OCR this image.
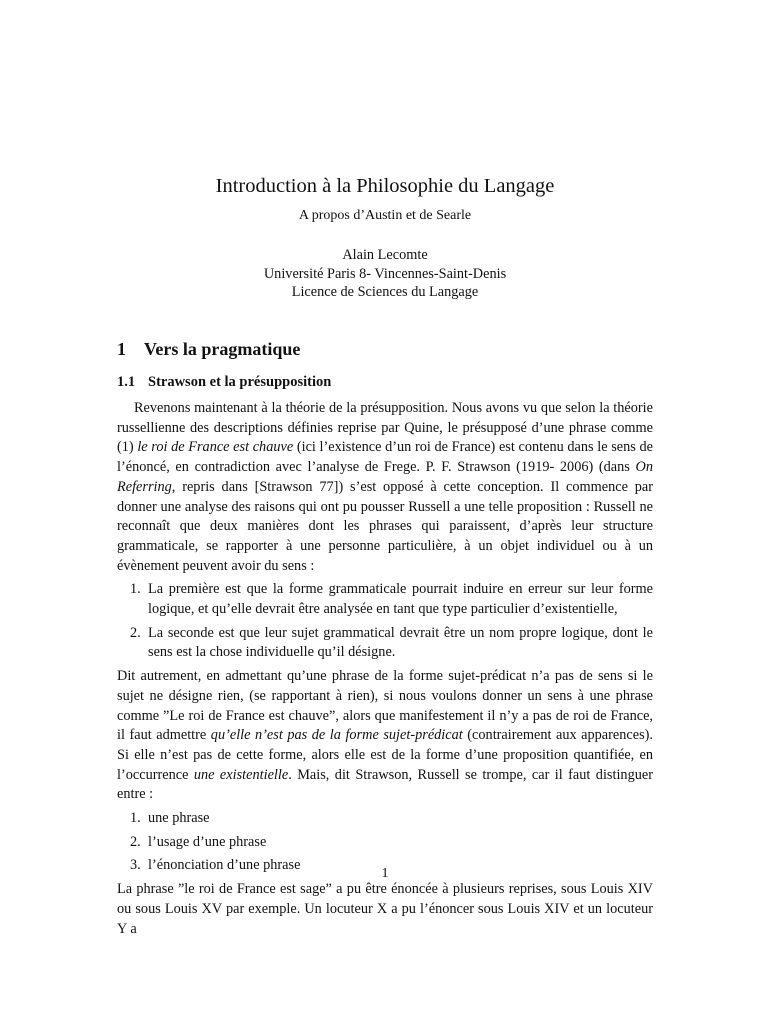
Introduction à la Philosophie du Langage
A propos d’Austin et de Searle
Alain Lecomte
Université Paris 8- Vincennes-Saint-Denis
Licence de Sciences du Langage
1 Vers la pragmatique
1.1 Strawson et la présupposition

Revenons maintenant à la théorie de la présupposition. Nous avons vu que selon la théorie russellienne des descriptions définies reprise par Quine, le présupposé d’une phrase comme (1) le roi de France est chauve (ici l’existence d’un roi de France) est contenu dans le sens de l’énoncé, en contradiction avec l’analyse de Frege. P. F. Strawson (1919- 2006) (dans On Referring, repris dans [Strawson 77]) s’est opposé à cette conception. Il commence par donner une analyse des raisons qui ont pu pousser Russell a une telle proposition : Russell ne reconnaît que deux manières dont les phrases qui paraissent, d’après leur structure grammaticale, se rapporter à une personne particulière, à un objet individuel ou à un évènement peuvent avoir du sens :

1. La première est que la forme grammaticale pourrait induire en erreur sur leur forme logique, et qu’elle devrait être analysée en tant que type particulier d’existentielle,
2. La seconde est que leur sujet grammatical devrait être un nom propre logique, dont le sens est la chose individuelle qu’il désigne.

Dit autrement, en admettant qu’une phrase de la forme sujet-prédicat n’a pas de sens si le sujet ne désigne rien, (se rapportant à rien), si nous voulons donner un sens à une phrase comme ”Le roi de France est chauve”, alors que manifestement il n’y a pas de roi de France, il faut admettre qu’elle n’est pas de la forme sujet-prédicat (contrairement aux apparences). Si elle n’est pas de cette forme, alors elle est de la forme d’une proposition quantifiée, en l’occurrence une existentielle. Mais, dit Strawson, Russell se trompe, car il faut distinguer entre :

1. une phrase
2. l’usage d’une phrase
3. l’énonciation d’une phrase

La phrase ”le roi de France est sage” a pu être énoncée à plusieurs reprises, sous Louis XIV ou sous Louis XV par exemple. Un locuteur X a pu l’énoncer sous Louis XIV et un locuteur Y a

1
